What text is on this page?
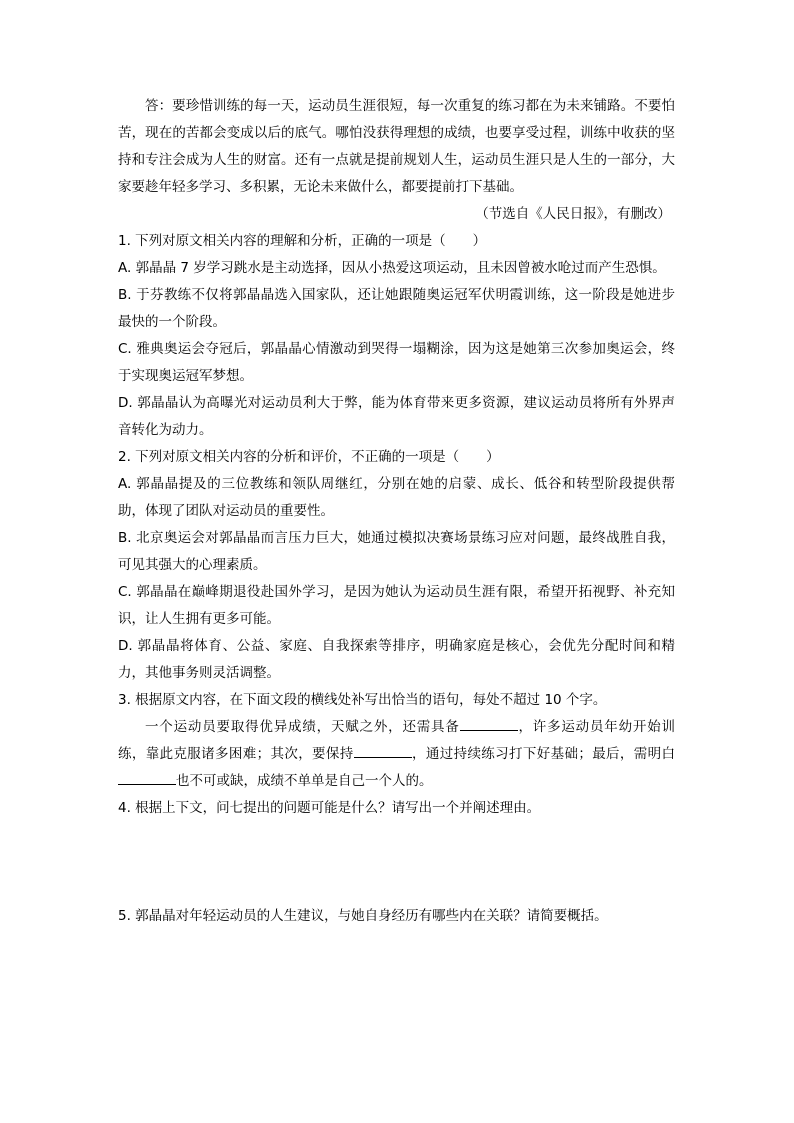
答：要珍惜训练的每一天，运动员生涯很短，每一次重复的练习都在为未来铺路。不要怕苦，现在的苦都会变成以后的底气。哪怕没获得理想的成绩，也要享受过程，训练中收获的坚持和专注会成为人生的财富。还有一点就是提前规划人生，运动员生涯只是人生的一部分，大家要趁年轻多学习、多积累，无论未来做什么，都要提前打下基础。

（节选自《人民日报》，有删改）

1. 下列对原文相关内容的理解和分析，正确的一项是（　　）

A. 郭晶晶 7 岁学习跳水是主动选择，因从小热爱这项运动，且未因曾被水呛过而产生恐惧。

B. 于芬教练不仅将郭晶晶选入国家队，还让她跟随奥运冠军伏明霞训练，这一阶段是她进步最快的一个阶段。

C. 雅典奥运会夺冠后，郭晶晶心情激动到哭得一塌糊涂，因为这是她第三次参加奥运会，终于实现奥运冠军梦想。

D. 郭晶晶认为高曝光对运动员利大于弊，能为体育带来更多资源，建议运动员将所有外界声音转化为动力。

2. 下列对原文相关内容的分析和评价，不正确的一项是（　　）

A. 郭晶晶提及的三位教练和领队周继红，分别在她的启蒙、成长、低谷和转型阶段提供帮助，体现了团队对运动员的重要性。

B. 北京奥运会对郭晶晶而言压力巨大，她通过模拟决赛场景练习应对问题，最终战胜自我，可见其强大的心理素质。

C. 郭晶晶在巅峰期退役赴国外学习，是因为她认为运动员生涯有限，希望开拓视野、补充知识，让人生拥有更多可能。

D. 郭晶晶将体育、公益、家庭、自我探索等排序，明确家庭是核心，会优先分配时间和精力，其他事务则灵活调整。

3. 根据原文内容，在下面文段的横线处补写出恰当的语句，每处不超过 10 个字。

一个运动员要取得优异成绩，天赋之外，还需具备	，许多运动员年幼开始训练，靠此克服诸多困难；其次，要保持	，通过持续练习打下好基础；最后，需明白也不可或缺，成绩不单单是自己一个人的。

4. 根据上下文，问七提出的问题可能是什么？请写出一个并阐述理由。

5. 郭晶晶对年轻运动员的人生建议，与她自身经历有哪些内在关联？请简要概括。
